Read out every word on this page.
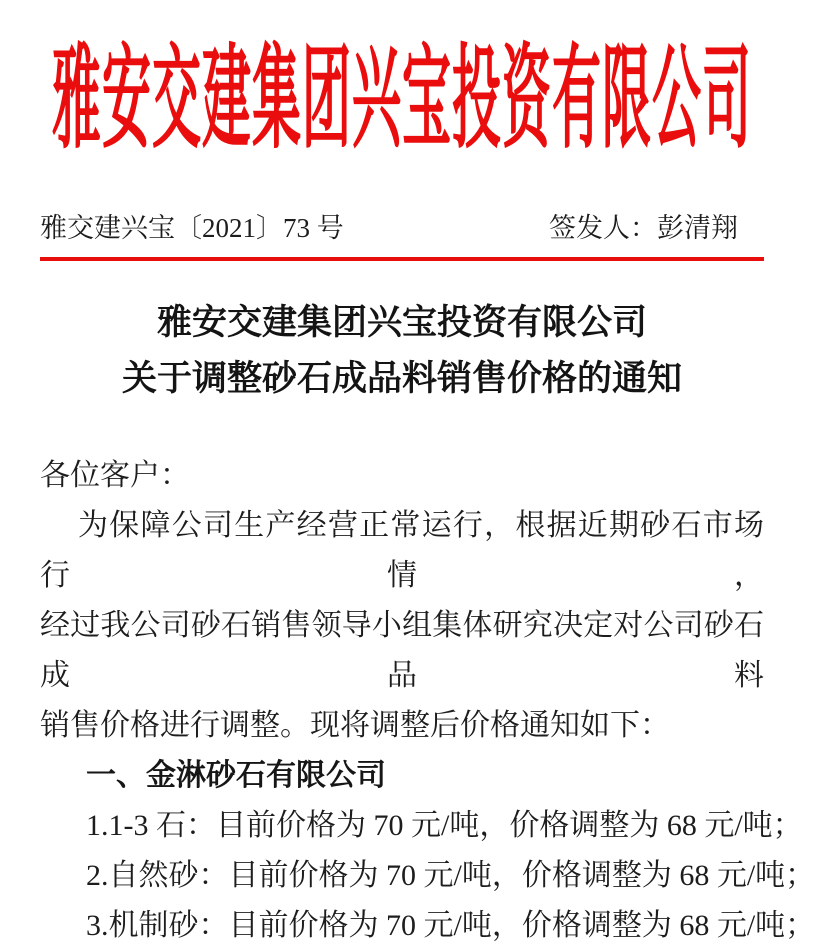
雅安交建集团兴宝投资有限公司
雅交建兴宝〔2021〕73 号	签发人：彭清翔
雅安交建集团兴宝投资有限公司
关于调整砂石成品料销售价格的通知
各位客户：
为保障公司生产经营正常运行，根据近期砂石市场行情，
经过我公司砂石销售领导小组集体研究决定对公司砂石成品料
销售价格进行调整。现将调整后价格通知如下：
一、金淋砂石有限公司
1.1-3 石：目前价格为 70 元/吨，价格调整为 68 元/吨；
2.自然砂：目前价格为 70 元/吨，价格调整为 68 元/吨；
3.机制砂：目前价格为 70 元/吨，价格调整为 68 元/吨；
